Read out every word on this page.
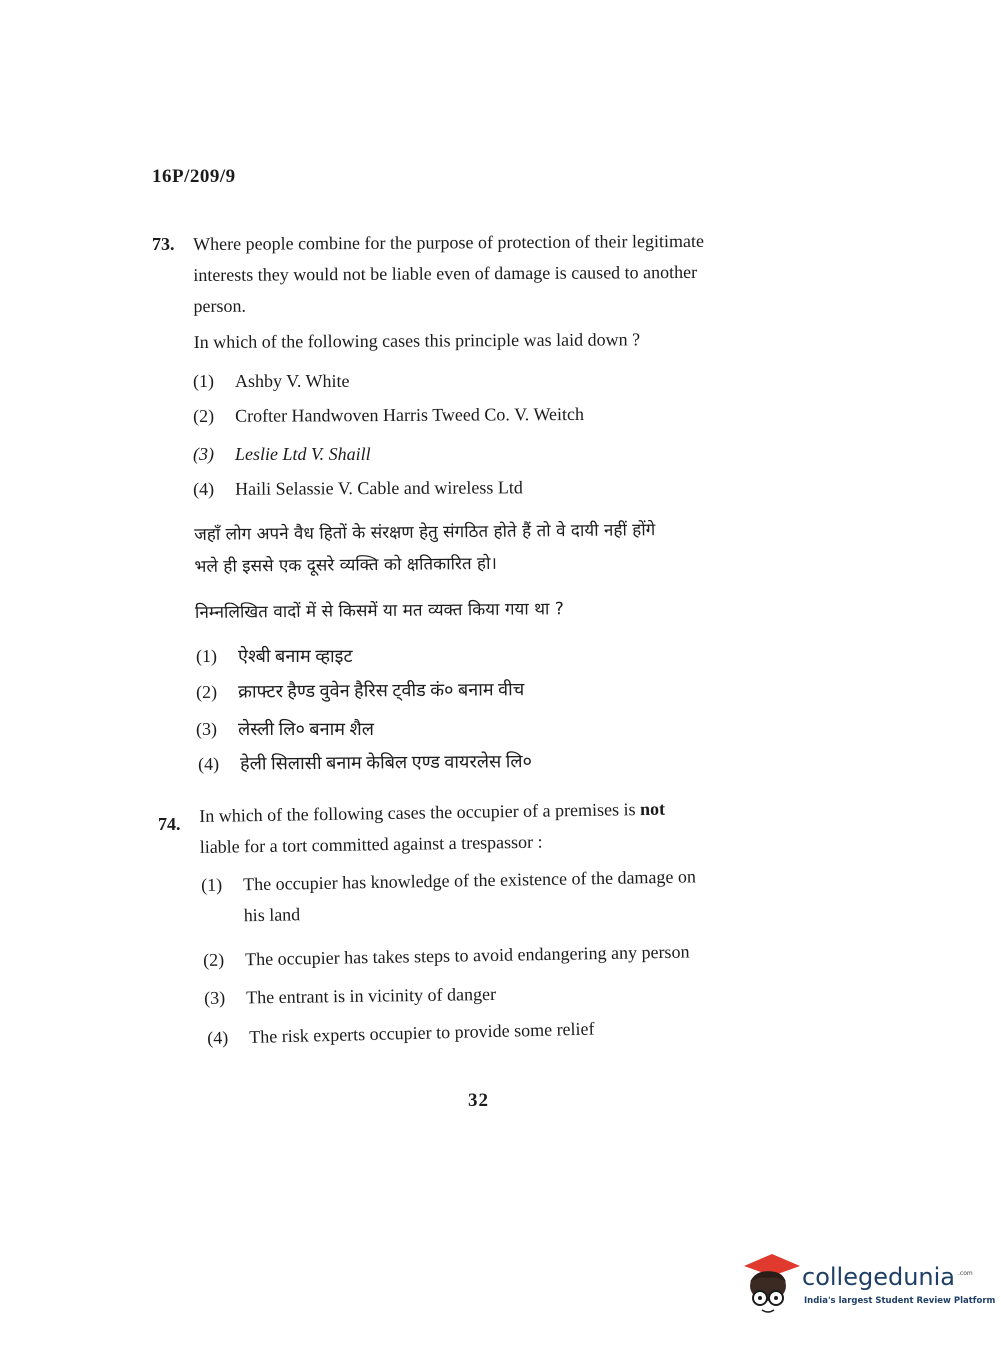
16P/209/9
73. Where people combine for the purpose of protection of their legitimate
interests they would not be liable even of damage is caused to another
person.
In which of the following cases this principle was laid down ?
(1)	Ashby V. White
(2)	Crofter Handwoven Harris Tweed Co. V. Weitch
(3)	Leslie Ltd V. Shaill
(4)	Haili Selassie V. Cable and wireless Ltd
जहाँ लोग अपने वैध हितों के संरक्षण हेतु संगठित होते हैं तो वे दायी नहीं होंगे
भले ही इससे एक दूसरे व्यक्ति को क्षतिकारित हो।
निम्नलिखित वादों में से किसमें या मत व्यक्त किया गया था ?
(1)	ऐश्बी बनाम व्हाइट
(2)	क्राफ्टर हैण्ड वुवेन हैरिस ट्वीड कं० बनाम वीच
(3)	लेस्ली लि० बनाम शैल
(4)	हेली सिलासी बनाम केबिल एण्ड वायरलेस लि०
74. In which of the following cases the occupier of a premises is not
liable for a tort committed against a trespassor :
(1)	The occupier has knowledge of the existence of the damage on
his land
(2)	The occupier has takes steps to avoid endangering any person
(3)	The entrant is in vicinity of danger
(4)	The risk experts occupier to provide some relief
32
collegedunia .com
India's largest Student Review Platform
